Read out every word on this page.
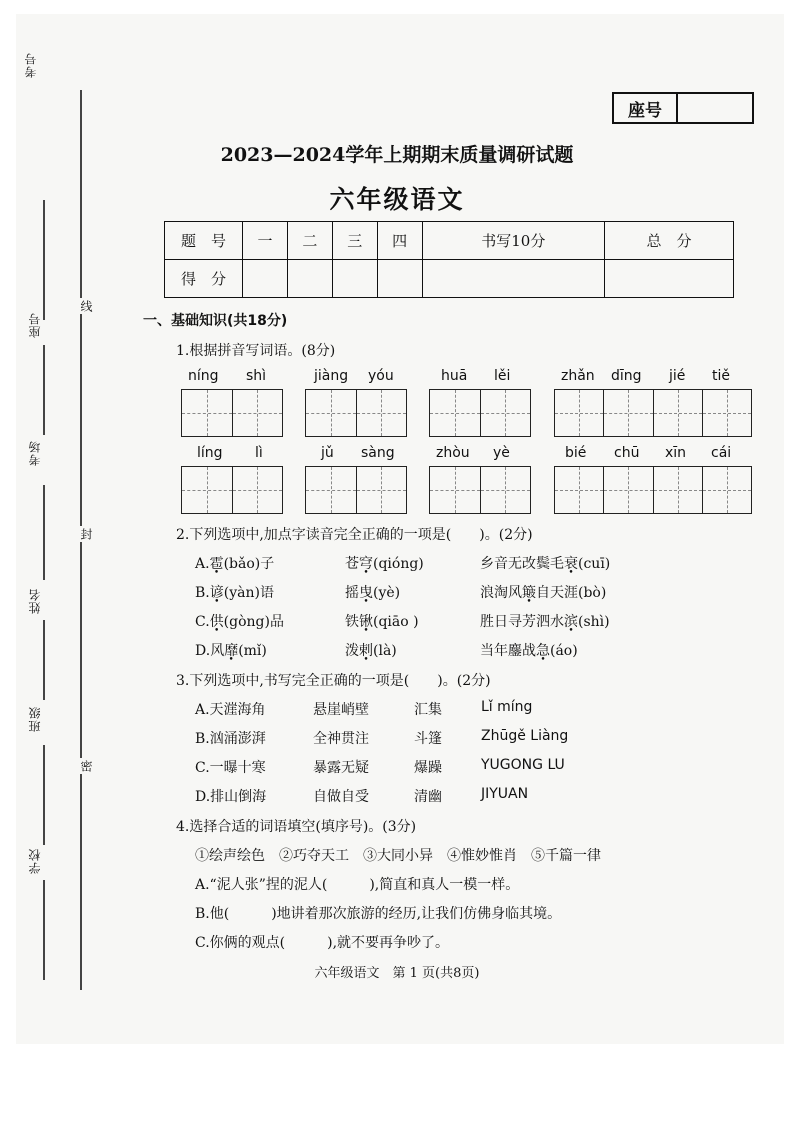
考号
座号
考场
姓名
班级
学校
线
封
密
座号
2023—2024学年上期期末质量调研试题
六年级语文
题　号	一	二	三	四	书写10分	总　分
得　分						
一、基础知识(共18分)
1.根据拼音写词语。(8分)
níng shì	jiàng yóu	huā lěi	zhǎn dīng jié tiě
líng lì	jǔ sàng	zhòu yè	bié chū xīn cái
2.下列选项中,加点字读音完全正确的一项是(　　)。(2分)
A.雹(bǎo)子	苍穹(qióng)	乡音无改鬓毛衰(cuī)
B.谚(yàn)语	摇曳(yè)	浪淘风簸自天涯(bò)
C.供(gòng)品	铁锹(qiāo )	胜日寻芳泗水滨(shì)
D.风靡(mǐ)	泼剌(là)	当年鏖战急(áo)
3.下列选项中,书写完全正确的一项是(　　)。(2分)
A.天漄海角	悬崖峭壁	汇集	Lǐ míng
B.汹涌澎湃	全神贯注	斗篷	Zhūgě Liàng
C.一曝十寒	暴露无疑	爆躁	YUGONG LU
D.排山倒海	自做自受	清幽	JIYUAN
4.选择合适的词语填空(填序号)。(3分)
①绘声绘色　②巧夺天工　③大同小异　④惟妙惟肖　⑤千篇一律
A.“泥人张”捏的泥人(　　　),简直和真人一模一样。
B.他(　　　)地讲着那次旅游的经历,让我们仿佛身临其境。
C.你俩的观点(　　　),就不要再争吵了。
六年级语文　第 1 页(共8页)
